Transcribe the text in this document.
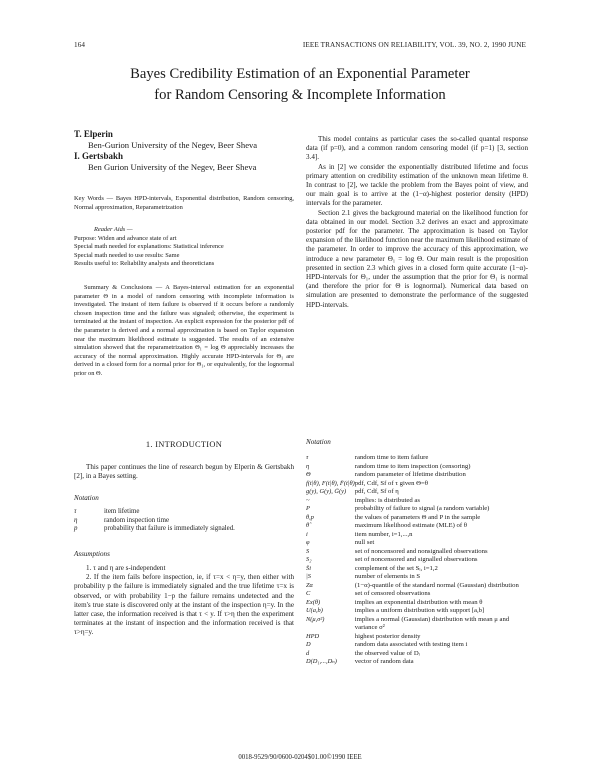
164	IEEE TRANSACTIONS ON RELIABILITY, VOL. 39, NO. 2, 1990 JUNE
Bayes Credibility Estimation of an Exponential Parameter
for Random Censoring & Incomplete Information
T. Elperin
Ben-Gurion University of the Negev, Beer Sheva
I. Gertsbakh
Ben Gurion University of the Negev, Beer Sheva
Key Words — Bayes HPD-intervals, Exponential distribution, Random censoring, Normal approximation, Reparametrization
Reader Aids —
Purpose: Widen and advance state of art
Special math needed for explanations: Statistical inference
Special math needed to use results: Same
Results useful to: Reliability analysts and theoreticians
Summary & Conclusions — A Bayes-interval estimation for an exponential parameter Θ in a model of random censoring with incomplete information is investigated. The instant of item failure is observed if it occurs before a randomly chosen inspection time and the failure was signaled; otherwise, the experiment is terminated at the instant of inspection. An explicit expression for the posterior pdf of the parameter is derived and a normal approximation is based on Taylor expansion near the maximum likelihood estimate is suggested. The results of an extensive simulation showed that the reparametrization Θ₁ = log Θ appreciably increases the accuracy of the normal approximation. Highly accurate HPD-intervals for Θ₁ are derived in a closed form for a normal prior for Θ₁, or equivalently, for the lognormal prior on Θ.
1. INTRODUCTION
This paper continues the line of research begun by Elperin & Gertsbakh [2], in a Bayes setting.
Notation
τ	item lifetime
η	random inspection time
p	probability that failure is immediately signaled.
Assumptions

1. τ and η are s-independent

2. If the item fails before inspection, ie, if τ=x < η=y, then either with probability p the failure is immediately signaled and the true lifetime τ=x is observed, or with probability 1−p the failure remains undetected and the item's true state is discovered only at the instant of the inspection η=y. In the latter case, the information received is that τ < y. If τ>η then the experiment terminates at the instant of inspection and the information received is that τ>η=y.

This model contains as particular cases the so-called quantal response data (if p=0), and a common random censoring model (if p=1) [3, section 3.4].

As in [2] we consider the exponentially distributed lifetime and focus primary attention on credibility estimation of the unknown mean lifetime θ. In contrast to [2], we tackle the problem from the Bayes point of view, and our main goal is to arrive at the (1−α)-highest posterior density (HPD) intervals for the parameter.

Section 2.1 gives the background material on the likelihood function for data obtained in our model. Section 3.2 derives an exact and approximate posterior pdf for the parameter. The approximation is based on Taylor expansion of the likelihood function near the maximum likelihood estimate of the parameter. In order to improve the accuracy of this approximation, we introduce a new parameter Θ₁ = log Θ. Our main result is the proposition presented in section 2.3 which gives in a closed form quite accurate (1−α)-HPD-intervals for Θ₁, under the assumption that the prior for Θ₁ is normal (and therefore the prior for Θ is lognormal). Numerical data based on simulation are presented to demonstrate the performance of the suggested HPD-intervals.

Notation
τ	random time to item failure
η	random time to item inspection (censoring)
Θ	random parameter of lifetime distribution
f(t|θ), F(t|θ), F̄(t|θ)	pdf, Cdf, Sf of τ given Θ=θ
g(y), G(y), Ḡ(y)	pdf, Cdf, Sf of η
~	implies: is distributed as
P	probability of failure to signal (a random variable)
θ,p	the values of parameters Θ and P in the sample
θ̂	maximum likelihood estimate (MLE) of θ
i	item number, i=1,...,n
φ	null set
S	set of noncensored and nonsignalled observations
S₂	set of noncensored and signalled observations
S̄i	complement of the set Sᵢ, i=1,2
|S	number of elements in S
Zα	(1−α)-quantile of the standard normal (Gaussian) distribution
C	set of censored observations
Ex(θ)	implies an exponential distribution with mean θ
U(a,b)	implies a uniform distribution with support [a,b]
N(μ,σ²)	implies a normal (Gaussian) distribution with mean μ and variance σ²
HPD	highest posterior density
D	random data associated with testing item i
d	the observed value of Dᵢ
D(D₁,...,Dₙ)	vector of random data
0018-9529/90/0600-0204$01.00©1990 IEEE
